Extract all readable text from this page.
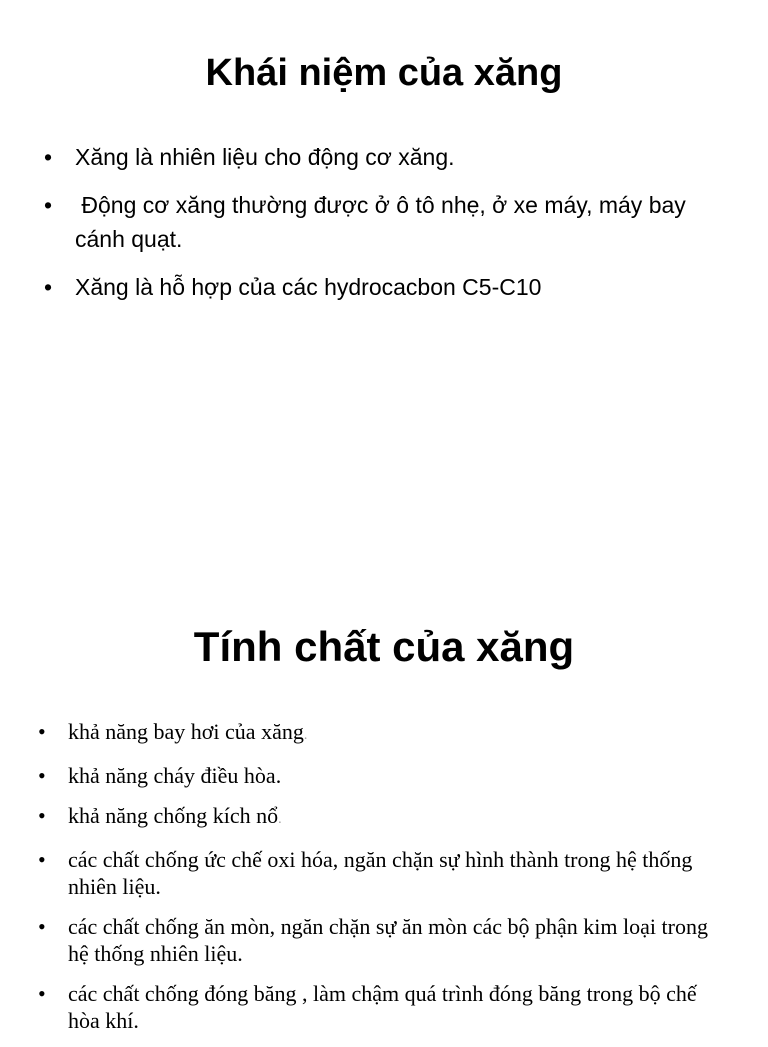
Khái niệm của xăng
• Xăng là nhiên liệu cho động cơ xăng.
• Động cơ xăng thường được ở ô tô nhẹ, ở xe máy, máy bay cánh quạt.
• Xăng là hỗ hợp của các hydrocacbon C5-C10
Tính chất của xăng
• khả năng bay hơi của xăng.
• khả năng cháy điều hòa.
• khả năng chống kích nổ.
• các chất chống ức chế oxi hóa, ngăn chặn sự hình thành trong hệ thống nhiên liệu.
• các chất chống ăn mòn, ngăn chặn sự ăn mòn các bộ phận kim loại trong hệ thống nhiên liệu.
• các chất chống đóng băng , làm chậm quá trình đóng băng trong bộ chế hòa khí.
